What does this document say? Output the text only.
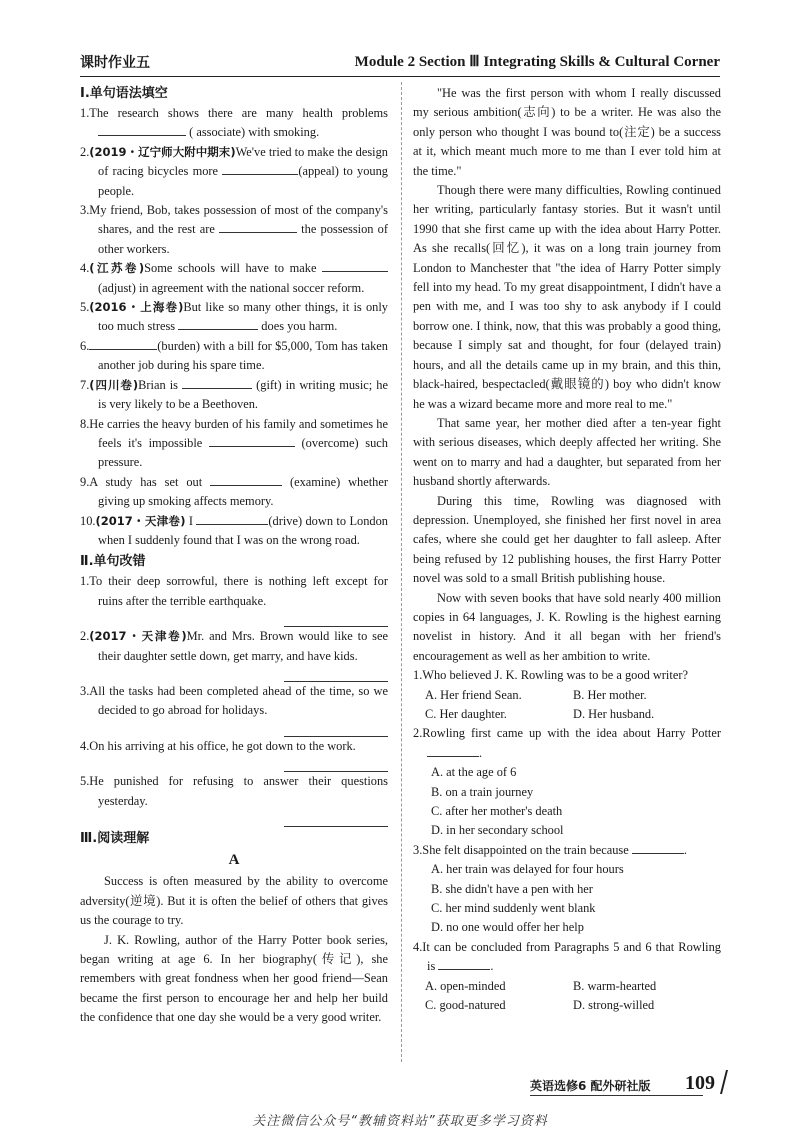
课时作业五	Module 2 Section Ⅲ Integrating Skills & Cultural Corner

Ⅰ.单句语法填空

1.The research shows there are many health problems  ( associate) with smoking.

2.(2019・辽宁师大附中期末)We've tried to make the design of racing bicycles more	(appeal) to young people.

3.My friend, Bob, takes possession of most of the company's shares, and the rest are	the possession of other workers.

4.(江苏卷)Some schools will have to make (adjust) in agreement with the national soccer reform.

5.(2016・上海卷)But like so many other things, it is only too much stress	does you harm.

6.	(burden) with a bill for $5,000, Tom has taken another job during his spare time.

7.(四川卷)Brian is	(gift) in writing music; he is very likely to be a Beethoven.

8.He carries the heavy burden of his family and sometimes he feels it's impossible	(overcome) such pressure.

9.A study has set out	(examine) whether giving up smoking affects memory.

10.(2017・天津卷) I	(drive) down to London when I suddenly found that I was on the wrong road.

Ⅱ.单句改错

1.To their deep sorrowful, there is nothing left except for ruins after the terrible earthquake.

2.(2017・天津卷)Mr. and Mrs. Brown would like to see their daughter settle down, get marry, and have kids.

3.All the tasks had been completed ahead of the time, so we decided to go abroad for holidays.

4.On his arriving at his office, he got down to the work.

5.He punished for refusing to answer their questions yesterday.

Ⅲ.阅读理解

A

Success is often measured by the ability to overcome adversity(逆境). But it is often the belief of others that gives us the courage to try.

J. K. Rowling, author of the Harry Potter book series, began writing at age 6. In her biography(传记), she remembers with great fondness when her good friend—Sean became the first person to encourage her and help her build the confidence that one day she would be a very good writer.

"He was the first person with whom I really discussed my serious ambition(志向) to be a writer. He was also the only person who thought I was bound to(注定) be a success at it, which meant much more to me than I ever told him at the time."

Though there were many difficulties, Rowling continued her writing, particularly fantasy stories. But it wasn't until 1990 that she first came up with the idea about Harry Potter. As she recalls(回忆), it was on a long train journey from London to Manchester that "the idea of Harry Potter simply fell into my head. To my great disappointment, I didn't have a pen with me, and I was too shy to ask anybody if I could borrow one. I think, now, that this was probably a good thing, because I simply sat and thought, for four (delayed train) hours, and all the details came up in my brain, and this thin, black-haired, bespectacled(戴眼镜的) boy who didn't know he was a wizard became more and more real to me."

That same year, her mother died after a ten-year fight with serious diseases, which deeply affected her writing. She went on to marry and had a daughter, but separated from her husband shortly afterwards.

During this time, Rowling was diagnosed with depression. Unemployed, she finished her first novel in area cafes, where she could get her daughter to fall asleep. After being refused by 12 publishing houses, the first Harry Potter novel was sold to a small British publishing house.

Now with seven books that have sold nearly 400 million copies in 64 languages, J. K. Rowling is the highest earning novelist in history. And it all began with her friend's encouragement as well as her ambition to write.

1.Who believed J. K. Rowling was to be a good writer?

A. Her friend Sean.	B. Her mother.

C. Her daughter.	D. Her husband.

2.Rowling first came up with the idea about Harry Potter.

A. at the age of 6

B. on a train journey

C. after her mother's death

D. in her secondary school

3.She felt disappointed on the train because	.

A. her train was delayed for four hours

B. she didn't have a pen with her

C. her mind suddenly went blank

D. no one would offer her help

4.It can be concluded from Paragraphs 5 and 6 that Rowling is	.

A. open-minded	B. warm-hearted

C. good-natured	D. strong-willed

英语选修6 配外研社版 109
关注微信公众号“教辅资料站”获取更多学习资料
